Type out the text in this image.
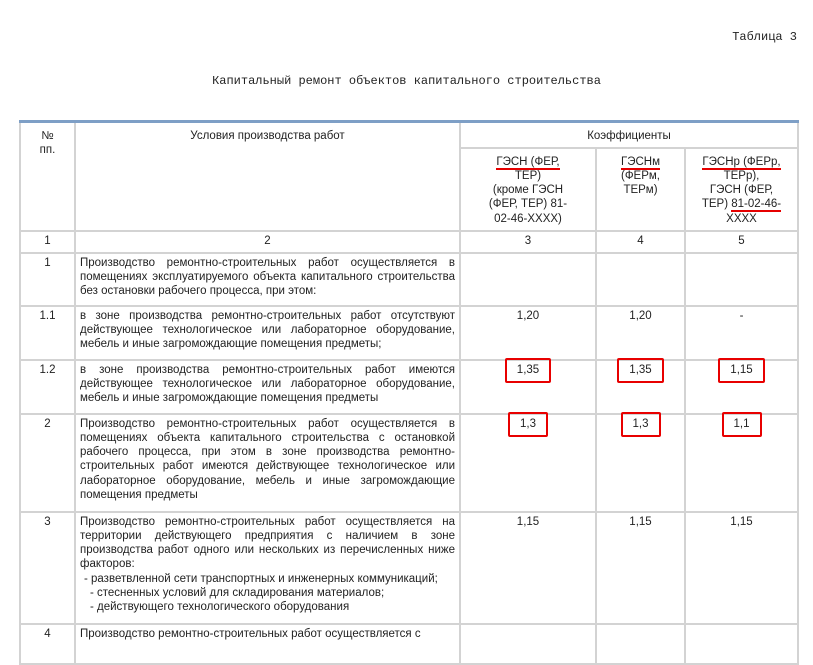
Таблица 3
Капитальный ремонт объектов капитального строительства
№
пп.	Условия производства работ	Коэффициенты		
		ГЭСН (ФЕР,
ТЕР)
(кроме ГЭСН
(ФЕР, ТЕР) 81-
02-46-XXXX)	ГЭСНм
(ФЕРм,
ТЕРм)	ГЭСНр (ФЕРр,
ТЕРр),
ГЭСН (ФЕР,
ТЕР) 81-02-46-
XXXX
1	2	3	4	5
1	Производство ремонтно-строительных работ осуществляется в помещениях эксплуатируемого объекта капитального строительства без остановки рабочего процесса, при этом:			
1.1	в зоне производства ремонтно-строительных работ отсутствуют действующее технологическое или лабораторное оборудование, мебель и иные загромождающие помещения предметы;	1,20	1,20	-
1.2	в зоне производства ремонтно-строительных работ имеются действующее технологическое или лабораторное оборудование, мебель и иные загромождающие помещения предметы	1,35	1,35	1,15
2	Производство ремонтно-строительных работ осуществляется в помещениях объекта капитального строительства с остановкой рабочего процесса, при этом в зоне производства ремонтно-строительных работ имеются действующее технологическое или лабораторное оборудование, мебель и иные загромождающие помещения предметы	1,3	1,3	1,1
3	Производство ремонтно-строительных работ осуществляется на территории действующего предприятия с наличием в зоне производства работ одного или нескольких из перечисленных ниже факторов:
- разветвленной сети транспортных и инженерных коммуникаций;
- стесненных условий для складирования материалов;
- действующего технологического оборудования	1,15	1,15	1,15
4	Производство ремонтно-строительных работ осуществляется с			
